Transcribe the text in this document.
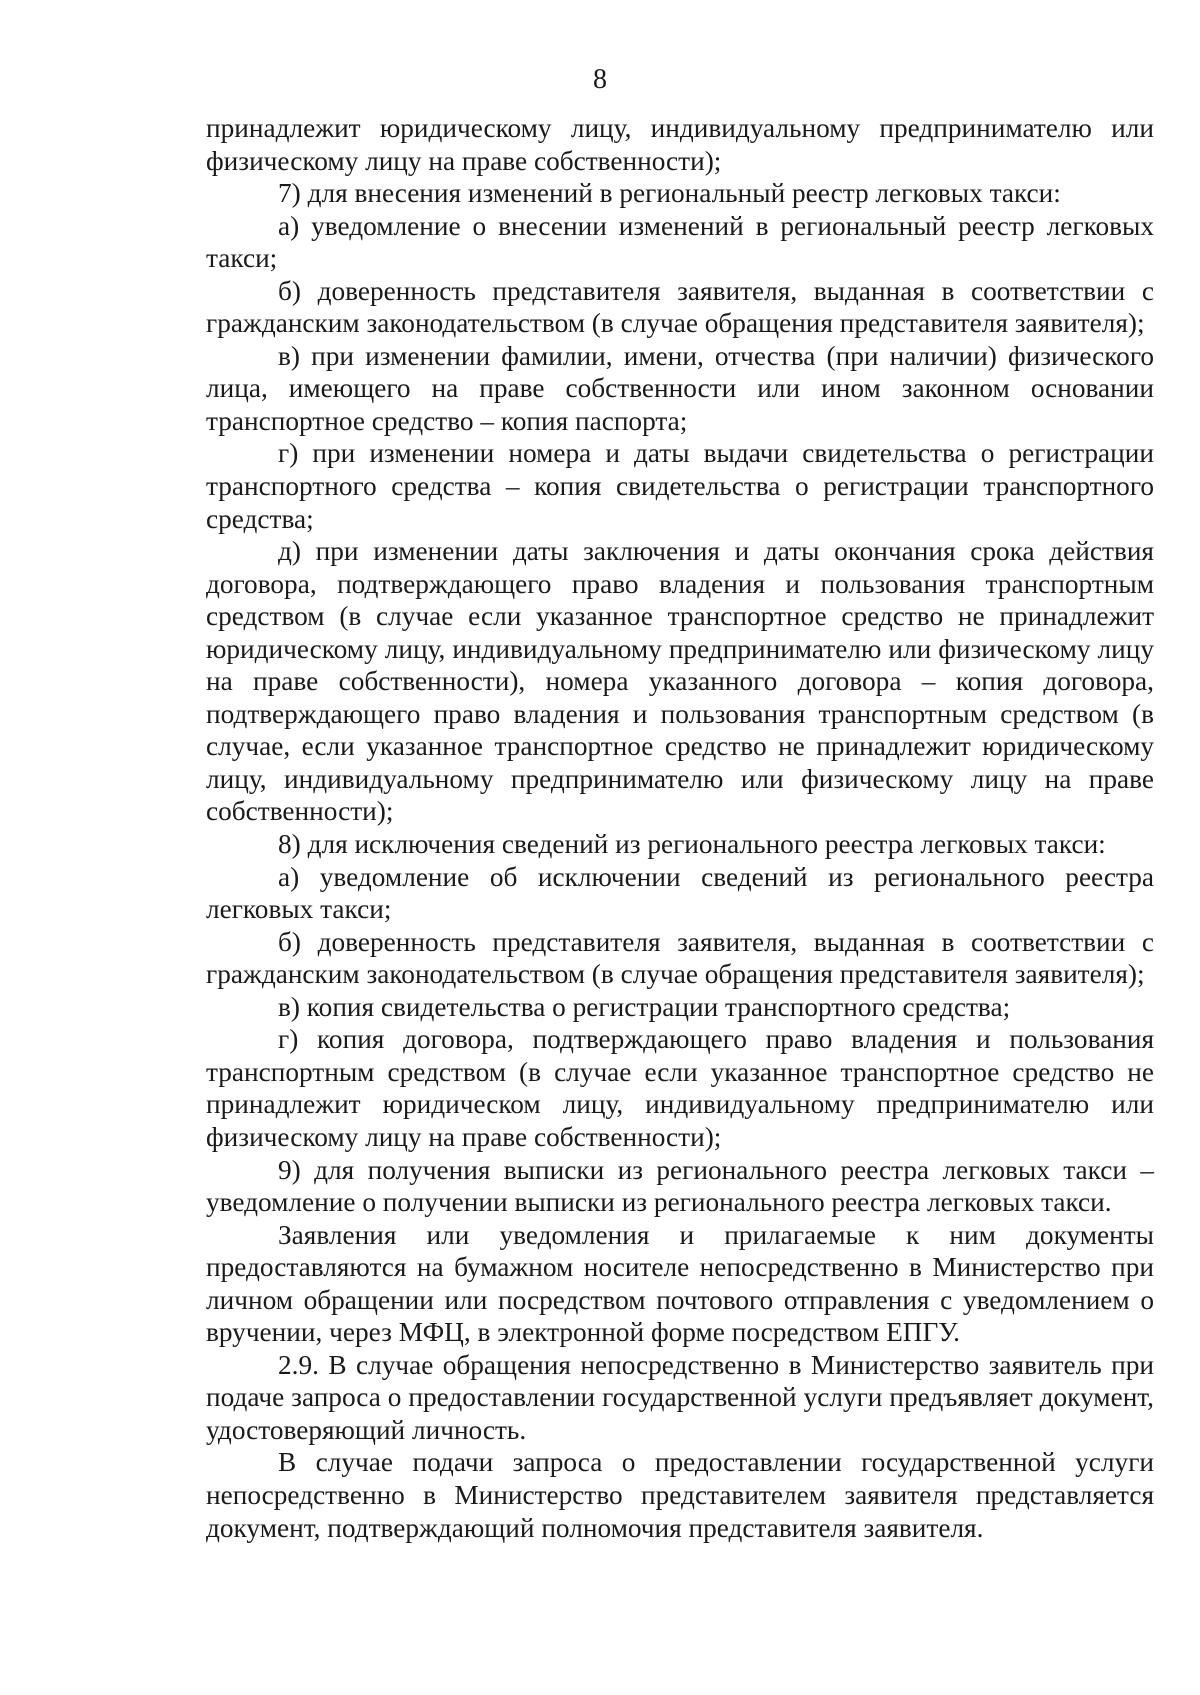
8

принадлежит юридическому лицу, индивидуальному предпринимателю или физическому лицу на праве собственности);

7) для внесения изменений в региональный реестр легковых такси:

а) уведомление о внесении изменений в региональный реестр легковых такси;

б) доверенность представителя заявителя, выданная в соответствии с гражданским законодательством (в случае обращения представителя заявителя);

в) при изменении фамилии, имени, отчества (при наличии) физического лица, имеющего на праве собственности или ином законном основании транспортное средство – копия паспорта;

г) при изменении номера и даты выдачи свидетельства о регистрации транспортного средства – копия свидетельства о регистрации транспортного средства;

д) при изменении даты заключения и даты окончания срока действия договора, подтверждающего право владения и пользования транспортным средством (в случае если указанное транспортное средство не принадлежит юридическому лицу, индивидуальному предпринимателю или физическому лицу на праве собственности), номера указанного договора – копия договора, подтверждающего право владения и пользования транспортным средством (в случае, если указанное транспортное средство не принадлежит юридическому лицу, индивидуальному предпринимателю или физическому лицу на праве собственности);

8) для исключения сведений из регионального реестра легковых такси:

а) уведомление об исключении сведений из регионального реестра легковых такси;

б) доверенность представителя заявителя, выданная в соответствии с гражданским законодательством (в случае обращения представителя заявителя);

в) копия свидетельства о регистрации транспортного средства;

г) копия договора, подтверждающего право владения и пользования транспортным средством (в случае если указанное транспортное средство не принадлежит юридическом лицу, индивидуальному предпринимателю или физическому лицу на праве собственности);

9) для получения выписки из регионального реестра легковых такси – уведомление о получении выписки из регионального реестра легковых такси.

Заявления или уведомления и прилагаемые к ним документы предоставляются на бумажном носителе непосредственно в Министерство при личном обращении или посредством почтового отправления с уведомлением о вручении, через МФЦ, в электронной форме посредством ЕПГУ.

2.9. В случае обращения непосредственно в Министерство заявитель при подаче запроса о предоставлении государственной услуги предъявляет документ, удостоверяющий личность.

В случае подачи запроса о предоставлении государственной услуги непосредственно в Министерство представителем заявителя представляется документ, подтверждающий полномочия представителя заявителя.
